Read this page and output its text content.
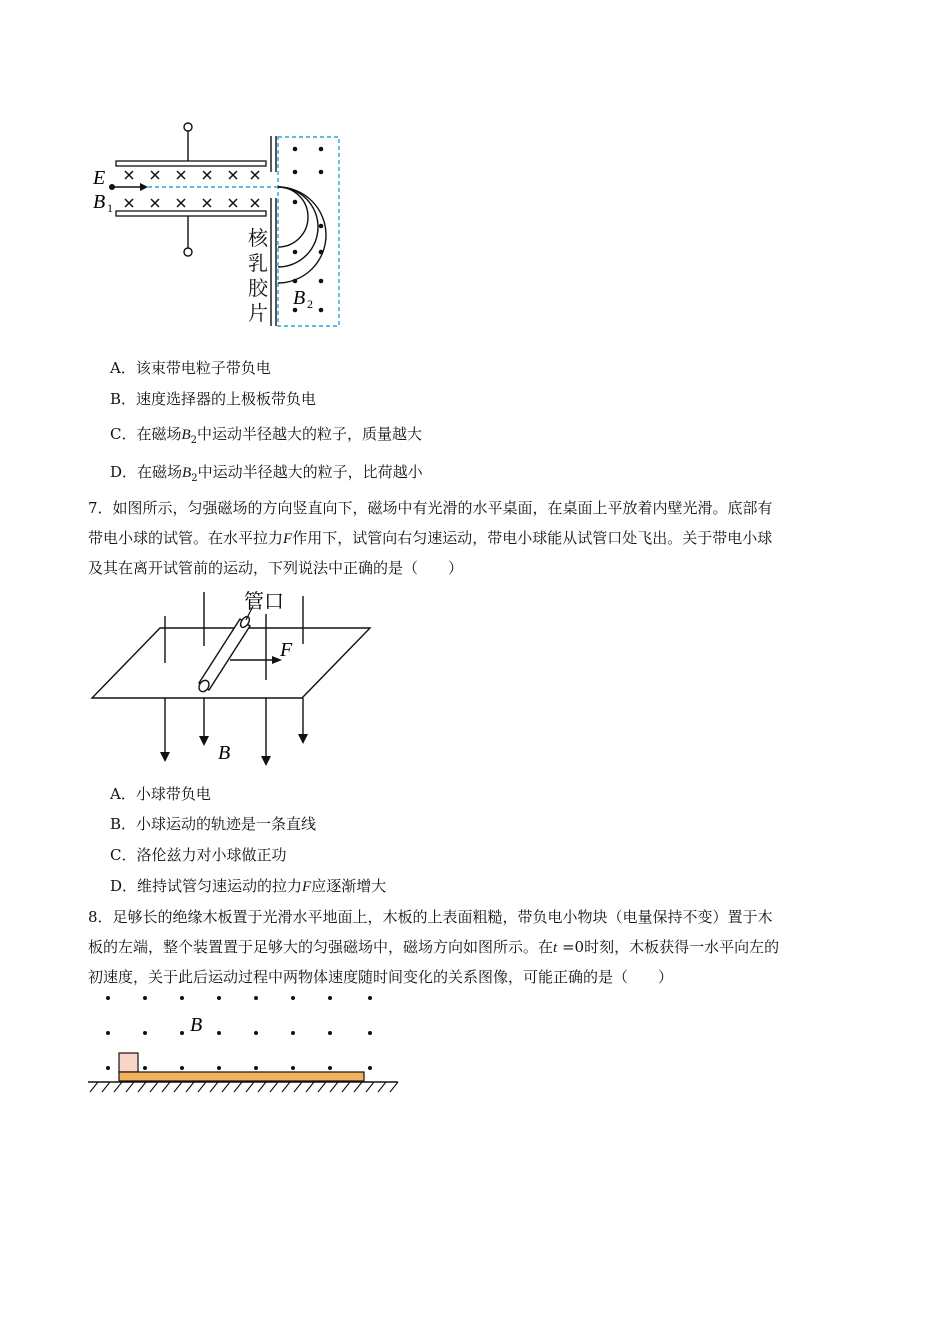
E
B 1
B 2
核
乳
胶
片
A．该束带电粒子带负电
B．速度选择器的上极板带负电
C．在磁场$B_2$中运动半径越大的粒子，质量越大
D．在磁场$B_2$中运动半径越大的粒子，比荷越小
7．如图所示，匀强磁场的方向竖直向下，磁场中有光滑的水平桌面，在桌面上平放着内壁光滑。底部有
带电小球的试管。在水平拉力F作用下，试管向右匀速运动，带电小球能从试管口处飞出。关于带电小球
及其在离开试管前的运动，下列说法中正确的是（　　）
管口
F
B
A．小球带负电
B．小球运动的轨迹是一条直线
C．洛伦兹力对小球做正功
D．维持试管匀速运动的拉力F应逐渐增大
8．足够长的绝缘木板置于光滑水平地面上，木板的上表面粗糙，带负电小物块（电量保持不变）置于木
板的左端，整个装置置于足够大的匀强磁场中，磁场方向如图所示。在t =0时刻，木板获得一水平向左的
初速度，关于此后运动过程中两物体速度随时间变化的关系图像，可能正确的是（　　）
B
